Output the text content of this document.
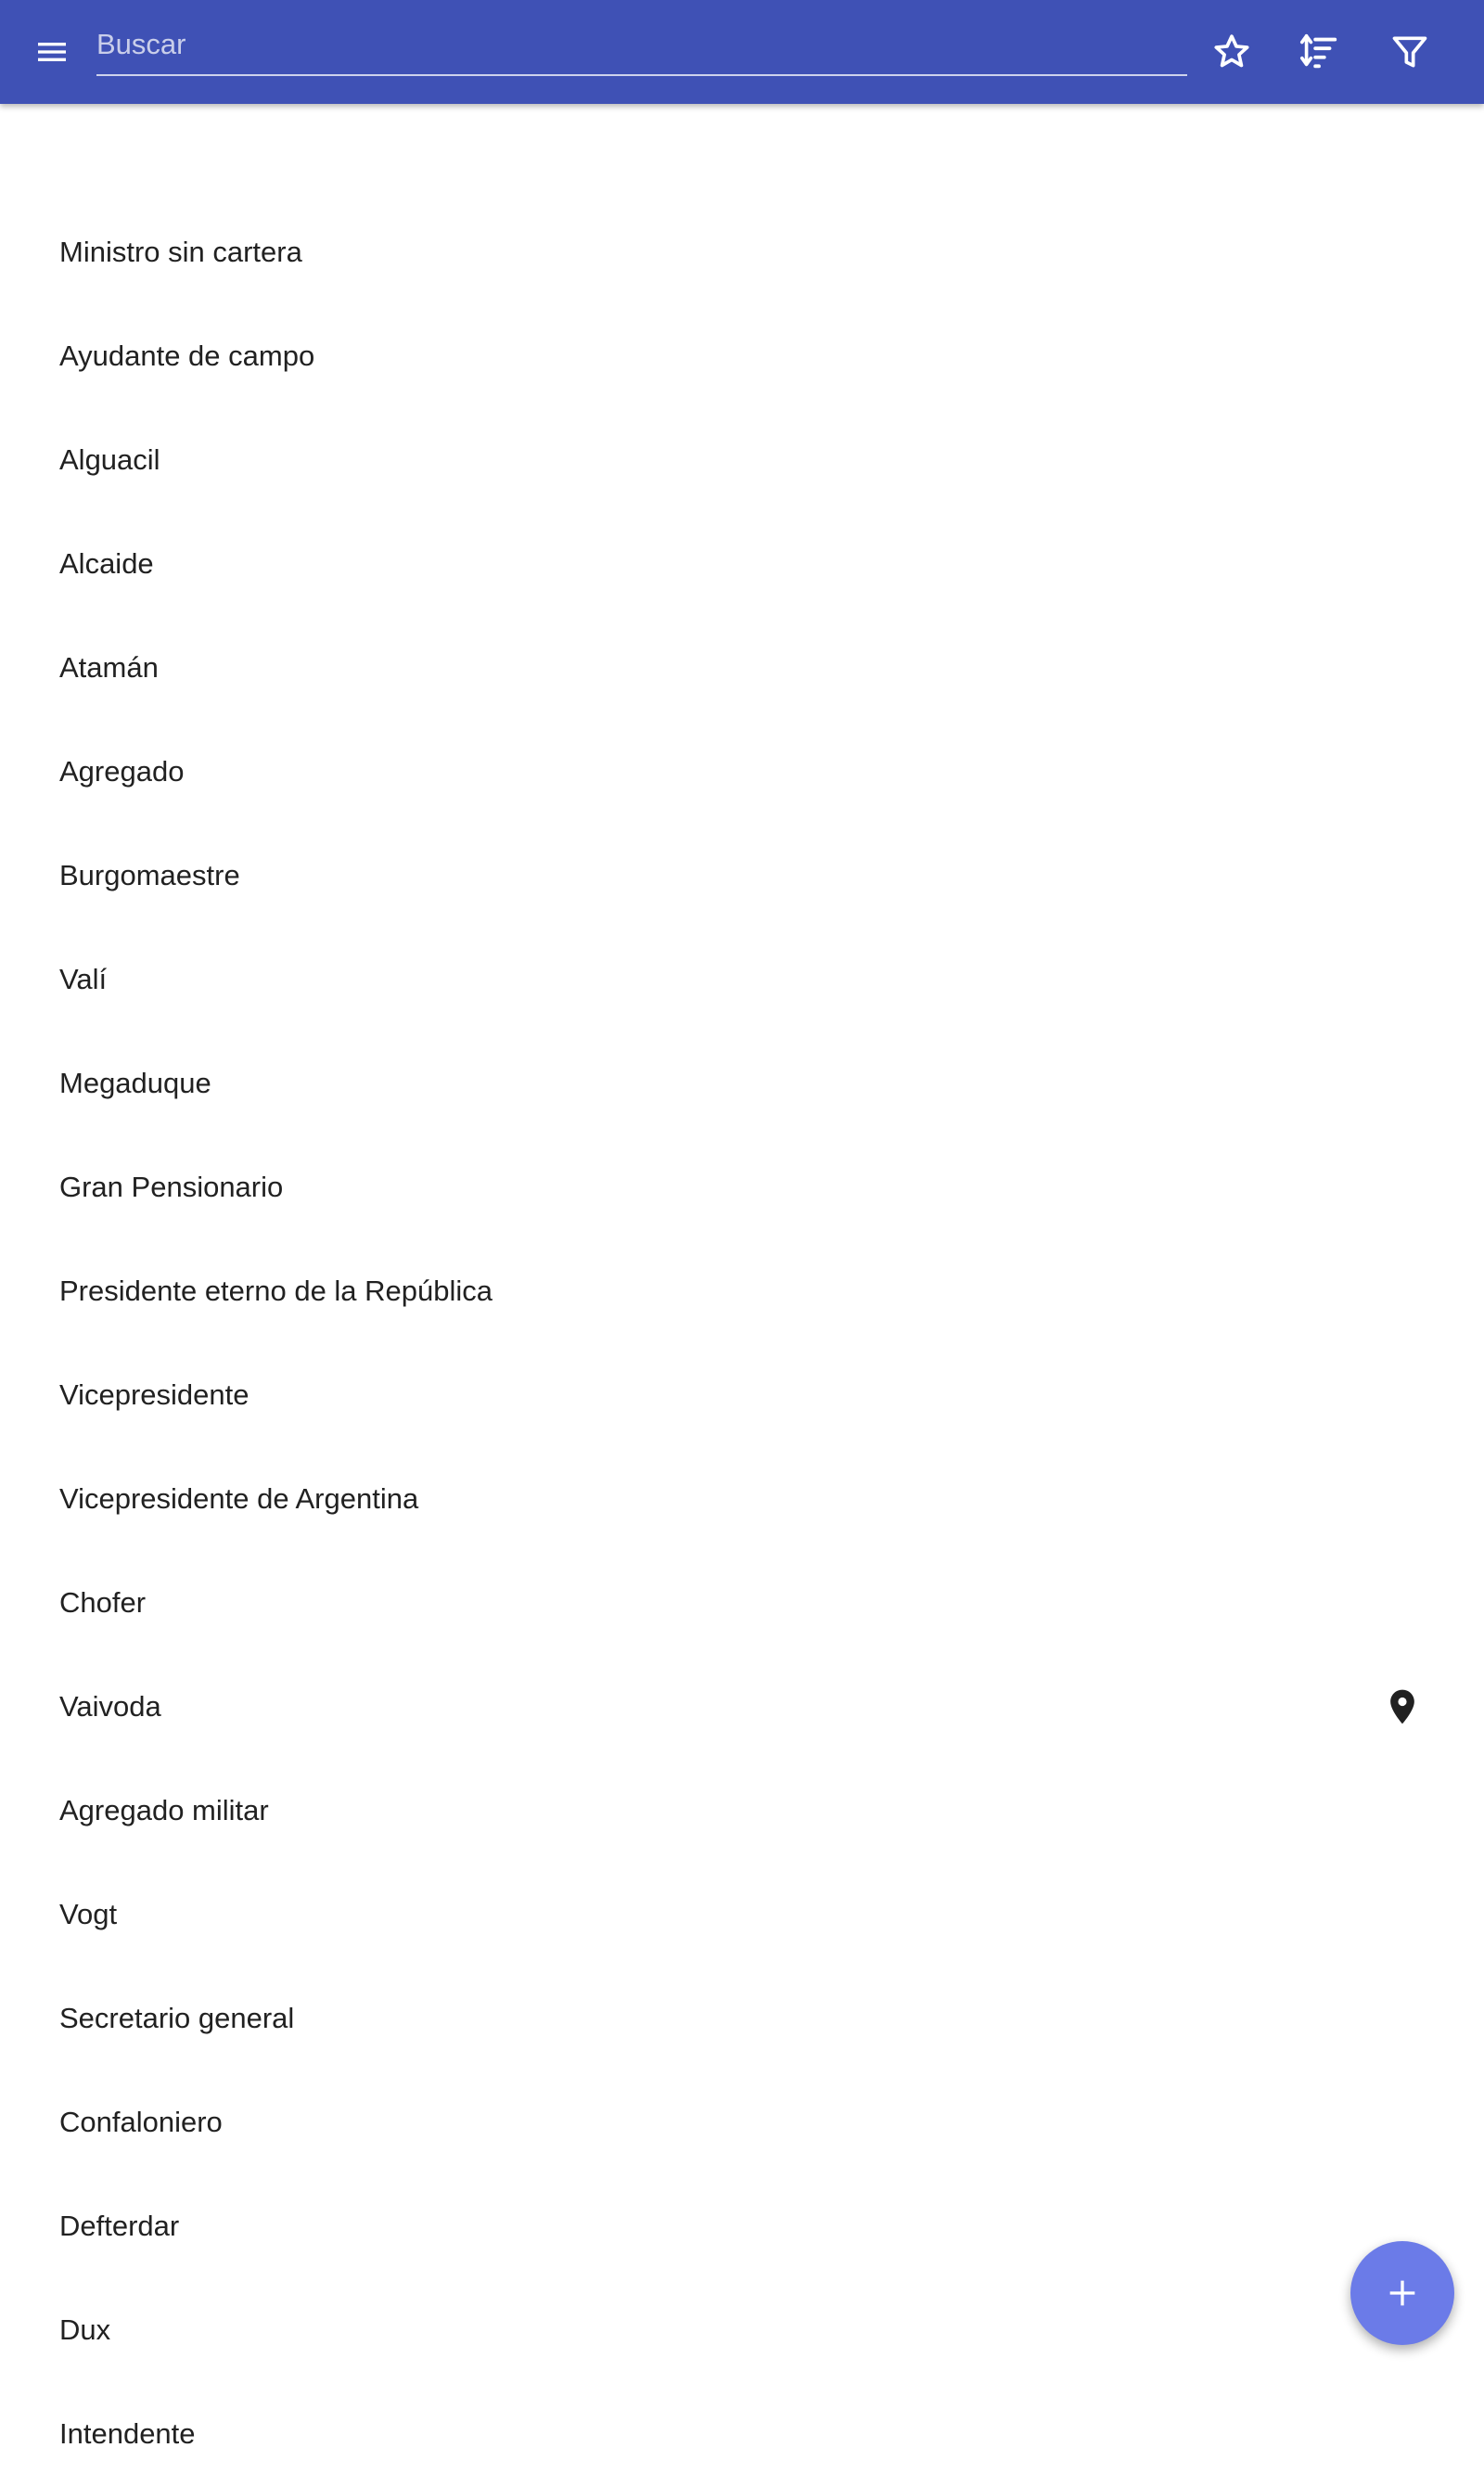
Buscar
Ministro sin cartera
Ayudante de campo
Alguacil
Alcaide
Atamán
Agregado
Burgomaestre
Valí
Megaduque
Gran Pensionario
Presidente eterno de la República
Vicepresidente
Vicepresidente de Argentina
Chofer
Vaivoda
Agregado militar
Vogt
Secretario general
Confaloniero
Defterdar
Dux
Intendente
